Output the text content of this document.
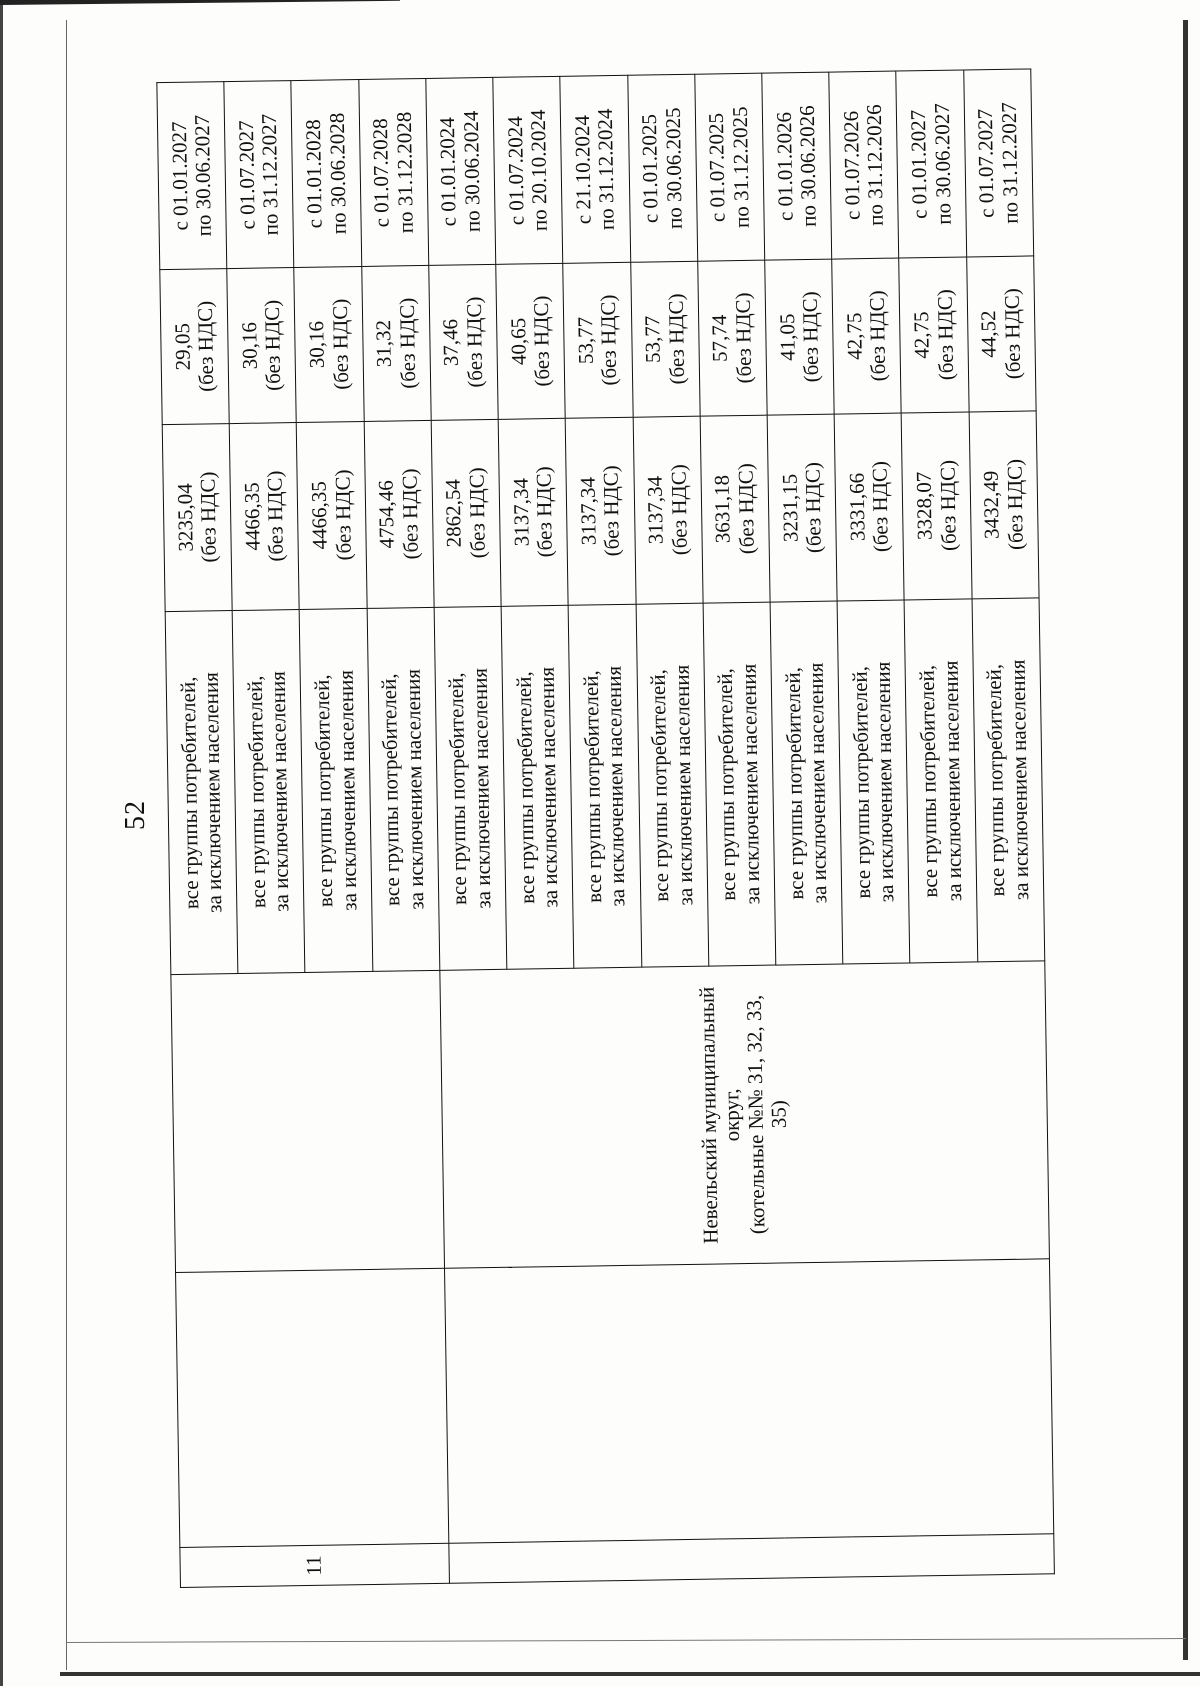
52
11			все группы потребителей,
за исключением населения	3235,04
(без НДС)	29,05
(без НДС)	с 01.01.2027
по 30.06.2027

			все группы потребителей,
за исключением населения	4466,35
(без НДС)	30,16
(без НДС)	с 01.07.2027
по 31.12.2027

			все группы потребителей,
за исключением населения	4466,35
(без НДС)	30,16
(без НДС)	с 01.01.2028
по 30.06.2028

			все группы потребителей,
за исключением населения	4754,46
(без НДС)	31,32
(без НДС)	с 01.07.2028
по 31.12.2028

		Невельский муниципальный округ,
(котельные №№ 31, 32, 33,
35)	все группы потребителей,
за исключением населения	2862,54
(без НДС)	37,46
(без НДС)	с 01.01.2024
по 30.06.2024

			все группы потребителей,
за исключением населения	3137,34
(без НДС)	40,65
(без НДС)	с 01.07.2024
по 20.10.2024

			все группы потребителей,
за исключением населения	3137,34
(без НДС)	53,77
(без НДС)	с 21.10.2024
по 31.12.2024

			все группы потребителей,
за исключением населения	3137,34
(без НДС)	53,77
(без НДС)	с 01.01.2025
по 30.06.2025

			все группы потребителей,
за исключением населения	3631,18
(без НДС)	57,74
(без НДС)	с 01.07.2025
по 31.12.2025

			все группы потребителей,
за исключением населения	3231,15
(без НДС)	41,05
(без НДС)	с 01.01.2026
по 30.06.2026

			все группы потребителей,
за исключением населения	3331,66
(без НДС)	42,75
(без НДС)	с 01.07.2026
по 31.12.2026

			все группы потребителей,
за исключением населения	3328,07
(без НДС)	42,75
(без НДС)	с 01.01.2027
по 30.06.2027

			все группы потребителей,
за исключением населения	3432,49
(без НДС)	44,52
(без НДС)	с 01.07.2027
по 31.12.2027
